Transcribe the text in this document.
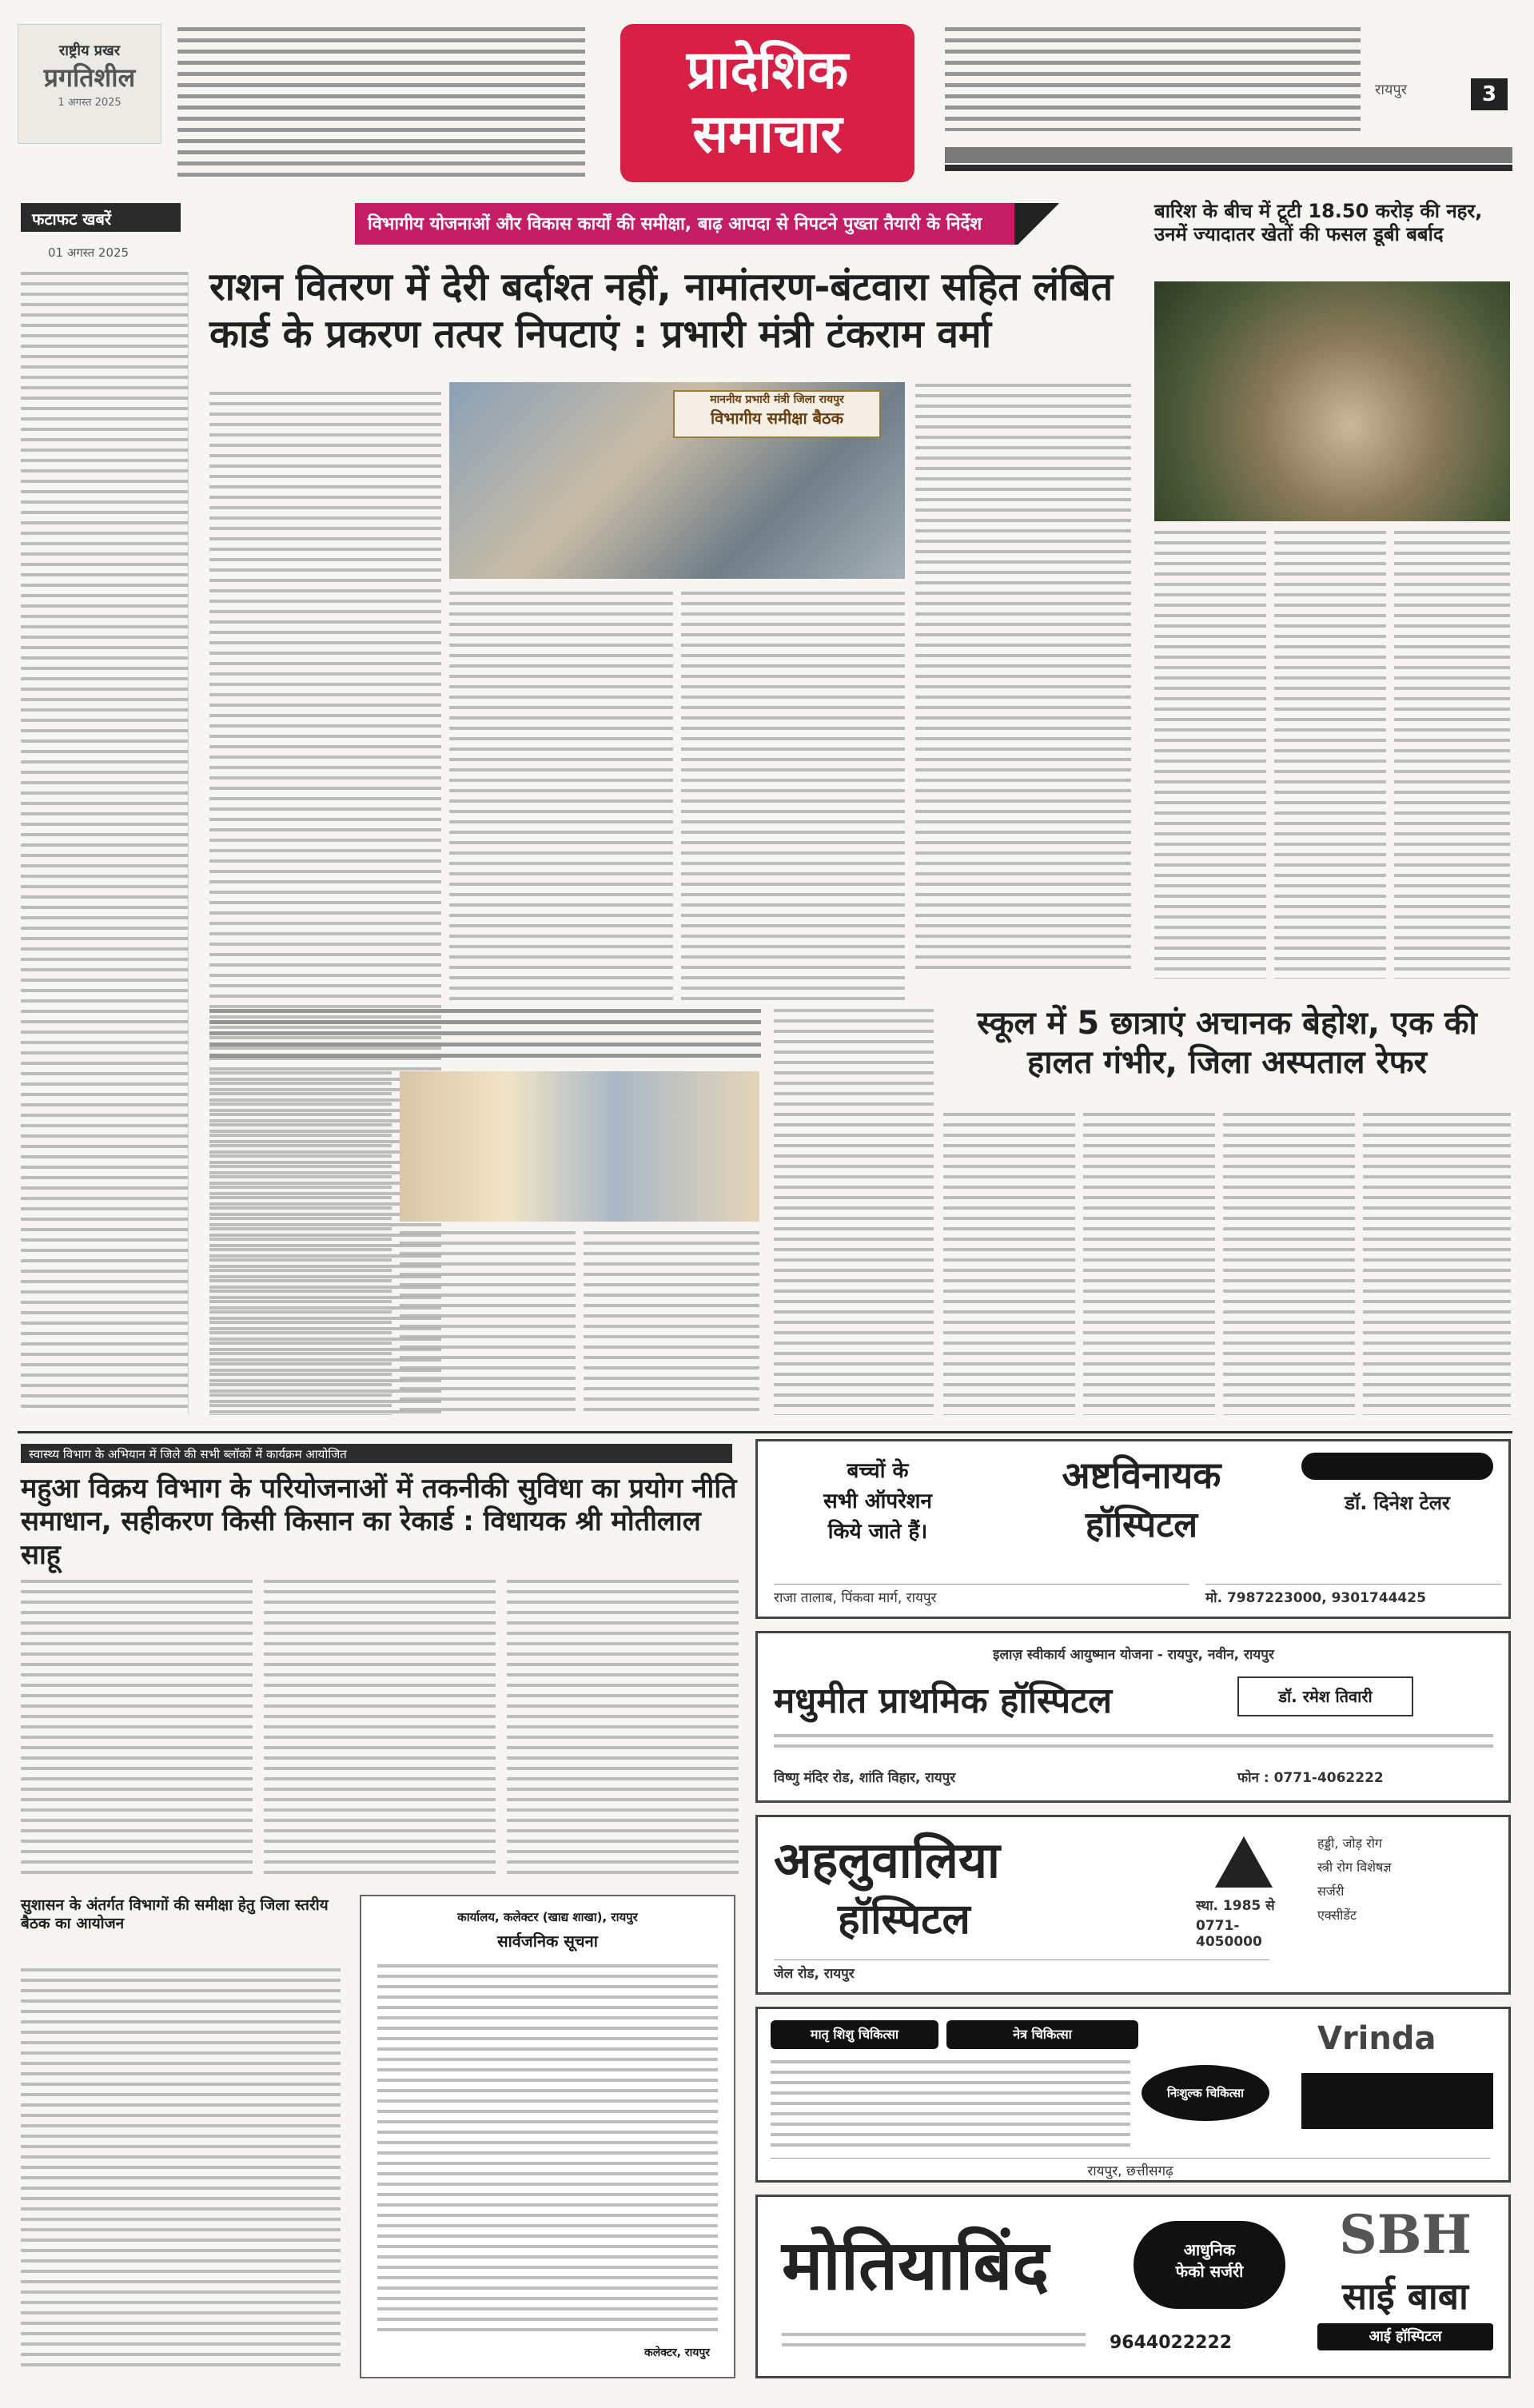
राष्ट्रीय प्रखर
प्रगतिशील
1 अगस्त 2025
प्रादेशिक
समाचार
रायपुर	3
फटाफट खबरें
01 अगस्त 2025
विभागीय योजनाओं और विकास कार्यों की समीक्षा, बाढ़ आपदा से निपटने पुख्ता तैयारी के निर्देश
राशन वितरण में देरी बर्दाश्त नहीं, नामांतरण-बंटवारा सहित लंबित कार्ड के प्रकरण तत्पर निपटाएं : प्रभारी मंत्री टंकराम वर्मा
माननीय प्रभारी मंत्री जिला रायपुर
विभागीय समीक्षा बैठक
बारिश के बीच में टूटी 18.50 करोड़ की नहर, उनमें ज्यादातर खेतों की फसल डूबी बर्बाद
स्कूल में 5 छात्राएं अचानक बेहोश, एक की हालत गंभीर, जिला अस्पताल रेफर
स्वास्थ्य विभाग के अभियान में जिले की सभी ब्लॉकों में कार्यक्रम आयोजित
महुआ विक्रय विभाग के परियोजनाओं में तकनीकी सुविधा का प्रयोग नीति समाधान, सहीकरण किसी किसान का रेकार्ड : विधायक श्री मोतीलाल साहू
सुशासन के अंतर्गत विभागों की समीक्षा हेतु जिला स्तरीय बैठक का आयोजन	कार्यालय, कलेक्टर (खाद्य शाखा), रायपुर
सार्वजनिक सूचना
कलेक्टर, रायपुर
बच्चों के
सभी ऑपरेशन
किये जाते हैं।
अष्टविनायक
हॉस्पिटल

डॉ. दिनेश टेलर
राजा तालाब, पिंकवा मार्ग, रायपुर	मो. 7987223000, 9301744425
इलाज़ स्वीकार्य आयुष्मान योजना - रायपुर, नवीन, रायपुर
मधुमीत प्राथमिक हॉस्पिटल	डॉ. रमेश तिवारी
विष्णु मंदिर रोड, शांति विहार, रायपुर	फोन : 0771-4062222
अहलुवालिया
हॉस्पिटल	स्था. 1985 से
0771-4050000
जेल रोड, रायपुर
हड्डी, जोड़ रोग
स्त्री रोग विशेषज्ञ
सर्जरी
एक्सीडेंट
मातृ शिशु चिकित्सा	नेत्र चिकित्सा
निःशुल्क चिकित्सा
Vrinda
रायपुर, छत्तीसगढ़
मोतियाबिंद	आधुनिक
फेको सर्जरी
SBH
साई बाबा
आई हॉस्पिटल
9644022222
